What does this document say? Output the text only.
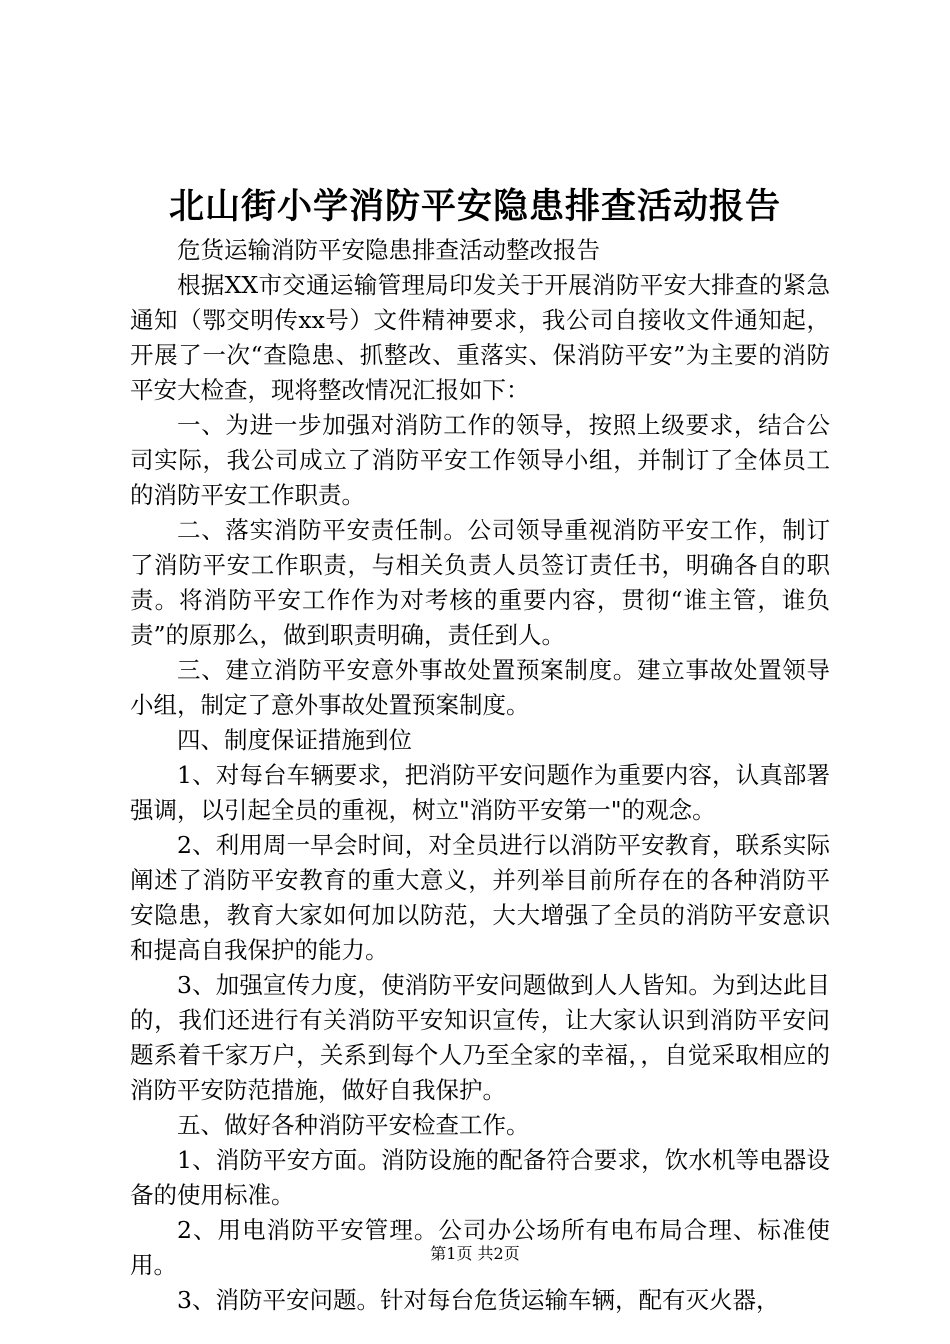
北山街小学消防平安隐患排查活动报告

危货运输消防平安隐患排查活动整改报告

根据XX市交通运输管理局印发关于开展消防平安大排查的紧急通知（鄂交明传xx号）文件精神要求，我公司自接收文件通知起，开展了一次“查隐患、抓整改、重落实、保消防平安”为主要的消防平安大检查，现将整改情况汇报如下：

一、为进一步加强对消防工作的领导，按照上级要求，结合公司实际，我公司成立了消防平安工作领导小组，并制订了全体员工的消防平安工作职责。

二、落实消防平安责任制。公司领导重视消防平安工作，制订了消防平安工作职责，与相关负责人员签订责任书，明确各自的职责。将消防平安工作作为对考核的重要内容，贯彻“谁主管，谁负责”的原那么，做到职责明确，责任到人。

三、建立消防平安意外事故处置预案制度。建立事故处置领导小组，制定了意外事故处置预案制度。

四、制度保证措施到位

1、对每台车辆要求，把消防平安问题作为重要内容，认真部署强调，以引起全员的重视，树立"消防平安第一"的观念。

2、利用周一早会时间，对全员进行以消防平安教育，联系实际阐述了消防平安教育的重大意义，并列举目前所存在的各种消防平安隐患，教育大家如何加以防范，大大增强了全员的消防平安意识和提高自我保护的能力。

3、加强宣传力度，使消防平安问题做到人人皆知。为到达此目的，我们还进行有关消防平安知识宣传，让大家认识到消防平安问题系着千家万户，关系到每个人乃至全家的幸福，，自觉采取相应的消防平安防范措施，做好自我保护。

五、做好各种消防平安检查工作。

1、消防平安方面。消防设施的配备符合要求，饮水机等电器设备的使用标准。

2、用电消防平安管理。公司办公场所有电布局合理、标准使用。

3、消防平安问题。针对每台危货运输车辆，配有灭火器，

第1页 共2页
